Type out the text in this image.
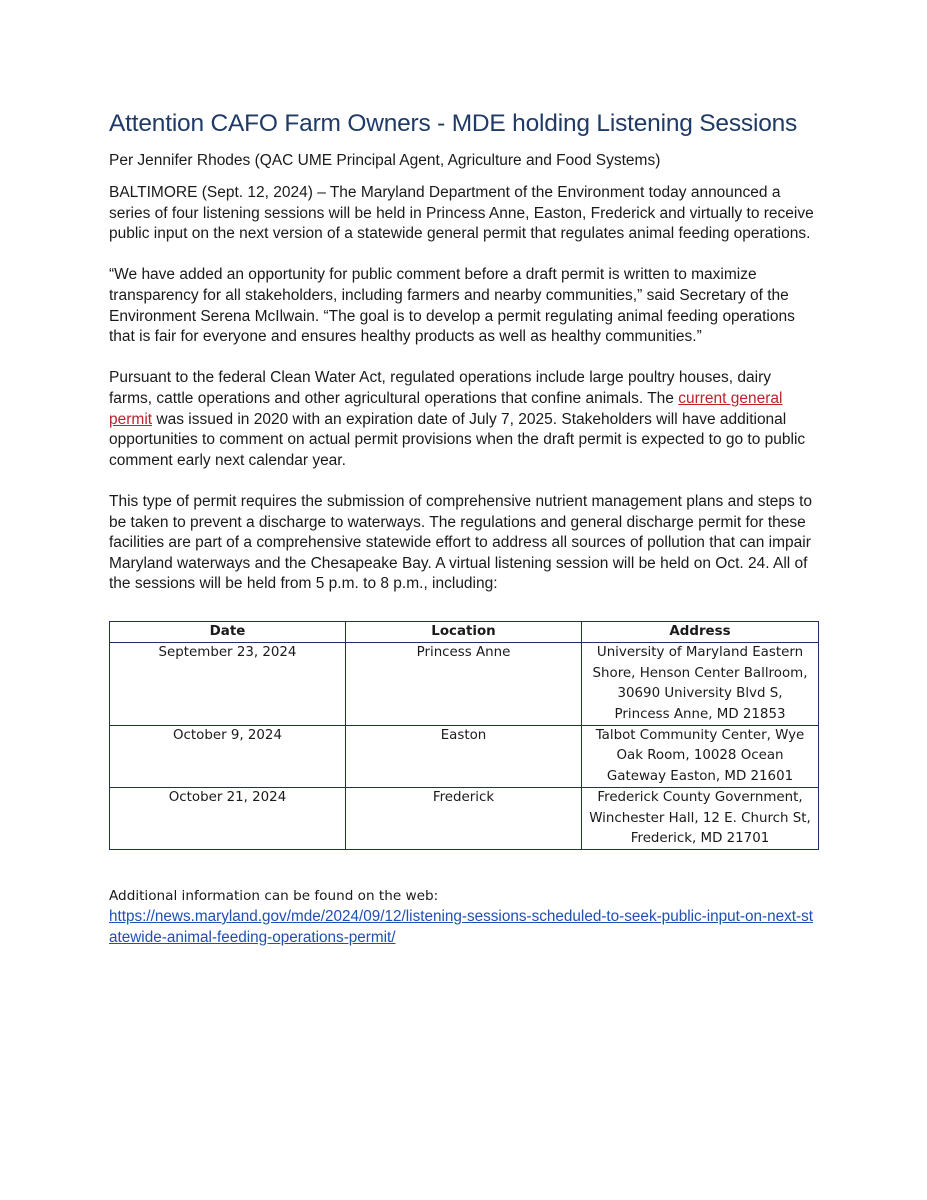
Attention CAFO Farm Owners - MDE holding Listening Sessions
Per Jennifer Rhodes (QAC UME Principal Agent, Agriculture and Food Systems)

BALTIMORE (Sept. 12, 2024) – The Maryland Department of the Environment today announced a series of four listening sessions will be held in Princess Anne, Easton, Frederick and virtually to receive public input on the next version of a statewide general permit that regulates animal feeding operations.

“We have added an opportunity for public comment before a draft permit is written to maximize transparency for all stakeholders, including farmers and nearby communities,” said Secretary of the Environment Serena McIlwain. “The goal is to develop a permit regulating animal feeding operations that is fair for everyone and ensures healthy products as well as healthy communities.”

Pursuant to the federal Clean Water Act, regulated operations include large poultry houses, dairy farms, cattle operations and other agricultural operations that confine animals. The current general permit was issued in 2020 with an expiration date of July 7, 2025. Stakeholders will have additional opportunities to comment on actual permit provisions when the draft permit is expected to go to public comment early next calendar year.

This type of permit requires the submission of comprehensive nutrient management plans and steps to be taken to prevent a discharge to waterways. The regulations and general discharge permit for these facilities are part of a comprehensive statewide effort to address all sources of pollution that can impair Maryland waterways and the Chesapeake Bay. A virtual listening session will be held on Oct. 24. All of the sessions will be held from 5 p.m. to 8 p.m., including:

Date	Location	Address
September 23, 2024	Princess Anne	University of Maryland Eastern Shore, Henson Center Ballroom, 30690 University Blvd S, Princess Anne, MD 21853
October 9, 2024	Easton	Talbot Community Center, Wye Oak Room, 10028 Ocean Gateway Easton, MD 21601
October 21, 2024	Frederick	Frederick County Government, Winchester Hall, 12 E. Church St, Frederick, MD 21701
Additional information can be found on the web:
https://news.maryland.gov/mde/2024/09/12/listening-sessions-scheduled-to-seek-public-input-on-next-statewide-animal-feeding-operations-permit/
